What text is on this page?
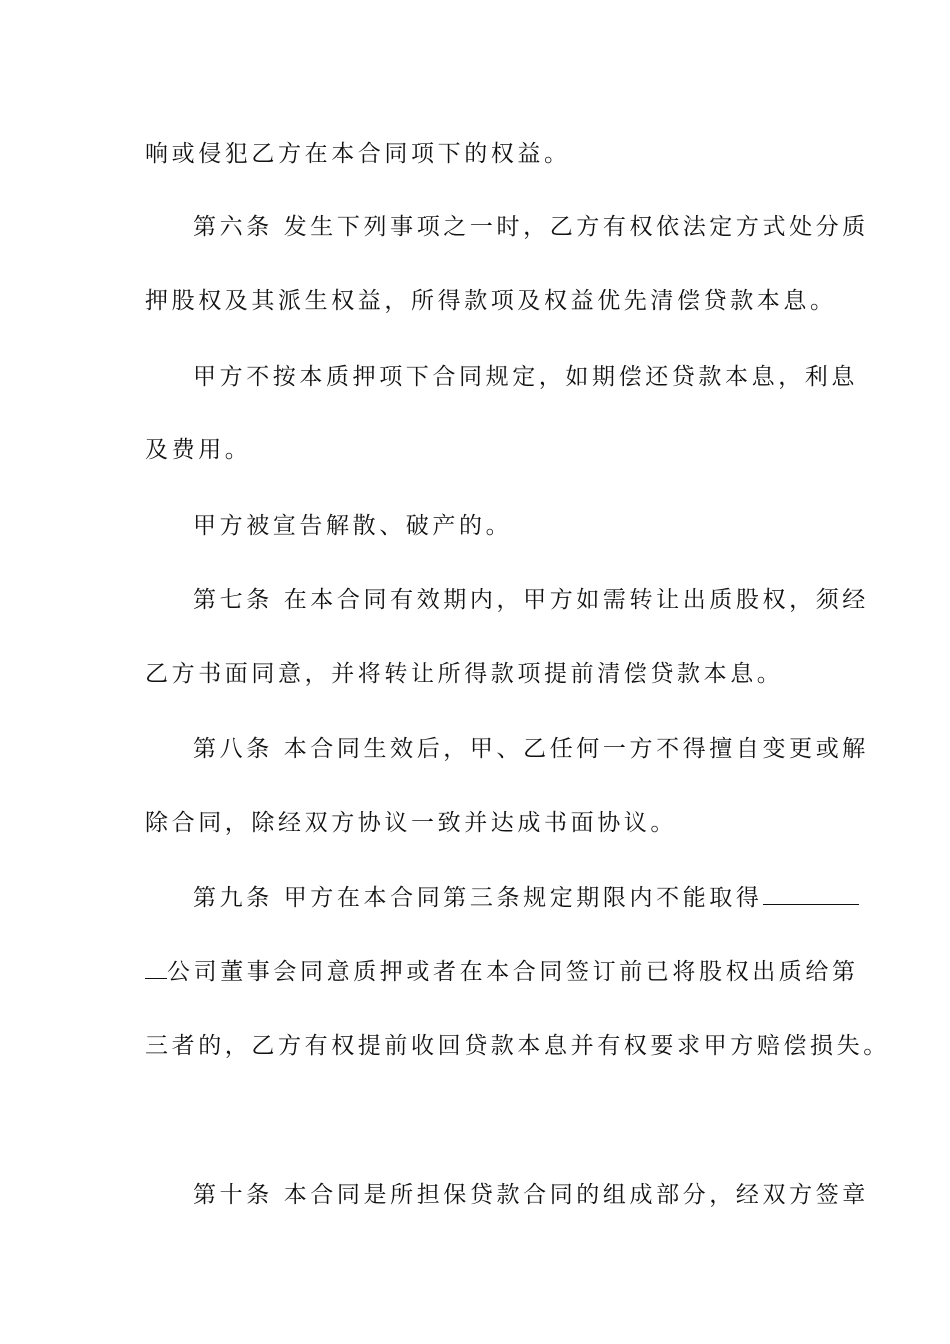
响或侵犯乙方在本合同项下的权益。
第六条 发生下列事项之一时，乙方有权依法定方式处分质
押股权及其派生权益，所得款项及权益优先清偿贷款本息。
甲方不按本质押项下合同规定，如期偿还贷款本息，利息
及费用。
甲方被宣告解散、破产的。
第七条 在本合同有效期内，甲方如需转让出质股权，须经
乙方书面同意，并将转让所得款项提前清偿贷款本息。
第八条 本合同生效后，甲、乙任何一方不得擅自变更或解
除合同，除经双方协议一致并达成书面协议。
第九条 甲方在本合同第三条规定期限内不能取得
公司董事会同意质押或者在本合同签订前已将股权出质给第
三者的，乙方有权提前收回贷款本息并有权要求甲方赔偿损失。
第十条 本合同是所担保贷款合同的组成部分，经双方签章
